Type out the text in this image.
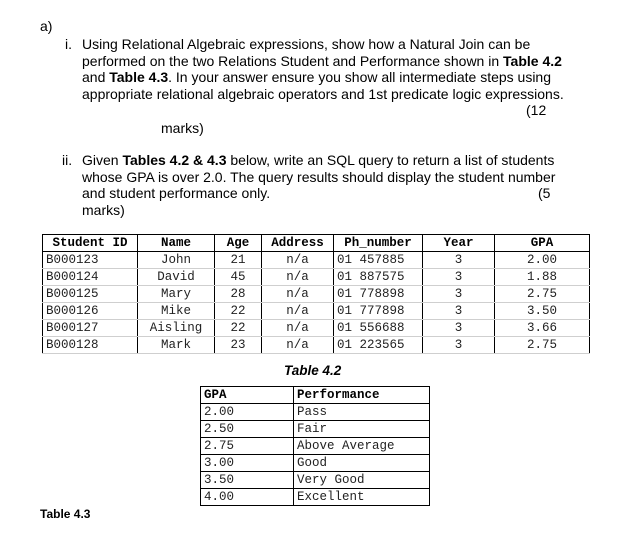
a)
i. Using Relational Algebraic expressions, show how a Natural Join can be
performed on the two Relations Student and Performance shown in Table 4.2
and Table 4.3. In your answer ensure you show all intermediate steps using
appropriate relational algebraic operators and 1st predicate logic expressions.
(12
marks)
ii. Given Tables 4.2 & 4.3 below, write an SQL query to return a list of students
whose GPA is over 2.0. The query results should display the student number
and student performance only.
marks)
(5
Student ID	Name	Age	Address	Ph_number	Year	GPA
B000123	John	21	n/a	01 457885	3	2.00
B000124	David	45	n/a	01 887575	3	1.88
B000125	Mary	28	n/a	01 778898	3	2.75
B000126	Mike	22	n/a	01 777898	3	3.50
B000127	Aisling	22	n/a	01 556688	3	3.66
B000128	Mark	23	n/a	01 223565	3	2.75
Table 4.2
GPA	Performance
2.00	Pass
2.50	Fair
2.75	Above Average
3.00	Good
3.50	Very Good
4.00	Excellent
Table 4.3
